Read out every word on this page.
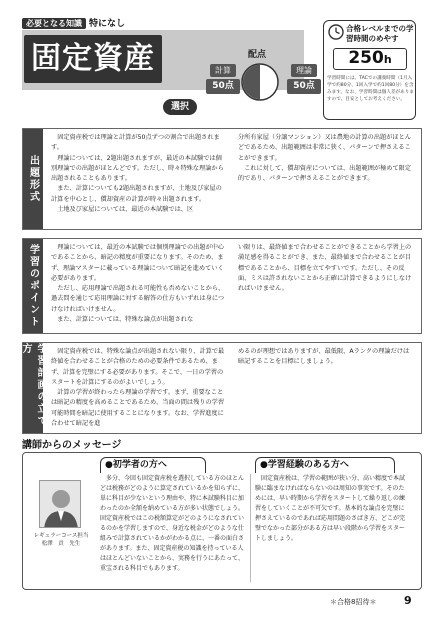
必要となる知識 特になし
固定資産税	選択
配点
計算
50点
理論
50点
合格レベルまでの学習時間のめやす
250h
学習時間には、TACでの講義時間（1月入学で約80分、1回入学で約1回80分）を含みます。なお、学習時間は個人差がありますので、目安としてお考えください。
出題形式

固定資産税では理論と計算が50点ずつの割合で出題されます。

理論については、2題出題されますが、最近の本試験では個別理論での出題がほとんどです。ただし、時々特殊な理論から出題されることもあります。

また、計算についても2題出題されますが、土地及び家屋の計算を中心とし、償却資産の計算が時々出題されます。

土地及び家屋については、最近の本試験では、区

分所有家屋（分譲マンション）又は農地の計算の出題がほとんどであるため、出題範囲は非常に狭く、パターンで押さえることができます。

これに対して、償却資産については、出題範囲が極めて限定的であり、パターンで押さえることができます。

学習のポイント	理論については、最近の本試験では個別理論での出題が中心であることから、暗記の精度が重要になります。そのため、まず、理論マスターに載っている理論について暗記を進めていく必要があります。

ただし、応用理論で出題される可能性も否めないことから、過去問を通じて応用理論に対する解答の仕方もいずれは身につけなければいけません。

また、計算については、特殊な論点が出題されな

い限りは、最終値まで合わせることができることから学習上の満足感を得ることができ、また、最終値まで合わせることが目標であることから、目標を立てやすいです。ただし、その反面、ミスは許されないことから正確に計算できるようにしなければいけません。

学習計画の立て方	固定資産税では、特殊な論点が出題されない限り、計算で最終値を合わせることが合格のための必要条件であるため、まず、計算を完璧にする必要があります。そこで、一日の学習のスタートを計算にするのがよいでしょう。

計算の学習が終わったら理論の学習です。まず、重要なことは暗記の精度を高めることであるため、当面の間は残りの学習可能時間を暗記に使用することになります。なお、学習進度に合わせて暗記を進

めるのが理想ではありますが、最低限、Aランクの理論だけは暗記することを目標にしましょう。

講師からのメッセージ
●初学者の方へ	●学習経験のある方へ
レギュラーコース担当
松澤　貢　先生
多分、今回も固定資産税を選択している方のほとんどは税務がどのように算定されているかを知らずに、単に科目が少ないという理由や、特に本試験科目に加わったのか全額を納めている方が多い状態でしょう。固定資産税ではこの税額算定がどのようになされているのかを学習しますので、身近な税金がどのような仕組みで計算されているかがわかる点に、一番の面白さがあります。また、固定資産税の知識を持っている人はほとんどいないことから、実務を行うにあたって、重宝される科目でもあります。
固定資産税は、学習の範囲が狭い分、高い精度で本試験に臨まなければならないのは周知の事実です。そのためには、早い時期から学習をスタートして繰り返しの練習をしていくことが不可欠です。基本的な論点を完璧に押さえているのであれば応用問題のさばき方、どこが完璧でなかった部分がある方は早い段階から学習をスタートしましょう。
＊合格8招待＊	9
